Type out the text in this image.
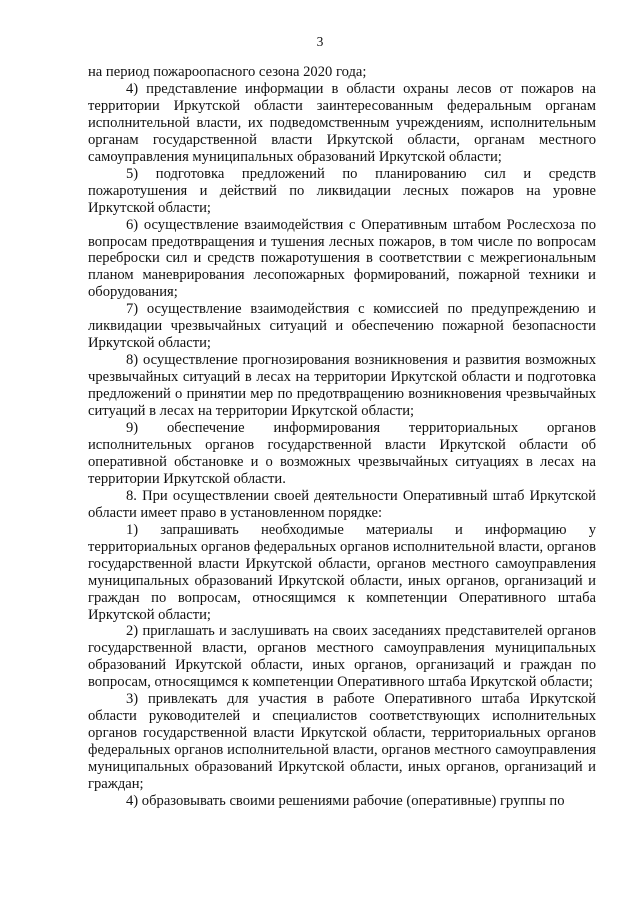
3

на период пожароопасного сезона 2020 года;

4) представление информации в области охраны лесов от пожаров на территории Иркутской области заинтересованным федеральным органам исполнительной власти, их подведомственным учреждениям, исполнительным органам государственной власти Иркутской области, органам местного самоуправления муниципальных образований Иркутской области;

5) подготовка предложений по планированию сил и средств пожаротушения и действий по ликвидации лесных пожаров на уровне Иркутской области;

6) осуществление взаимодействия с Оперативным штабом Рослесхоза по вопросам предотвращения и тушения лесных пожаров, в том числе по вопросам переброски сил и средств пожаротушения в соответствии с межрегиональным планом маневрирования лесопожарных формирований, пожарной техники и оборудования;

7) осуществление взаимодействия с комиссией по предупреждению и ликвидации чрезвычайных ситуаций и обеспечению пожарной безопасности Иркутской области;

8) осуществление прогнозирования возникновения и развития возможных чрезвычайных ситуаций в лесах на территории Иркутской области и подготовка предложений о принятии мер по предотвращению возникновения чрезвычайных ситуаций в лесах на территории Иркутской области;

9) обеспечение информирования территориальных органов исполнительных органов государственной власти Иркутской области об оперативной обстановке и о возможных чрезвычайных ситуациях в лесах на территории Иркутской области.

8. При осуществлении своей деятельности Оперативный штаб Иркутской области имеет право в установленном порядке:

1) запрашивать необходимые материалы и информацию у территориальных органов федеральных органов исполнительной власти, органов государственной власти Иркутской области, органов местного самоуправления муниципальных образований Иркутской области, иных органов, организаций и граждан по вопросам, относящимся к компетенции Оперативного штаба Иркутской области;

2) приглашать и заслушивать на своих заседаниях представителей органов государственной власти, органов местного самоуправления муниципальных образований Иркутской области, иных органов, организаций и граждан по вопросам, относящимся к компетенции Оперативного штаба Иркутской области;

3) привлекать для участия в работе Оперативного штаба Иркутской области руководителей и специалистов соответствующих исполнительных органов государственной власти Иркутской области, территориальных органов федеральных органов исполнительной власти, органов местного самоуправления муниципальных образований Иркутской области, иных органов, организаций и граждан;

4) образовывать своими решениями рабочие (оперативные) группы по
